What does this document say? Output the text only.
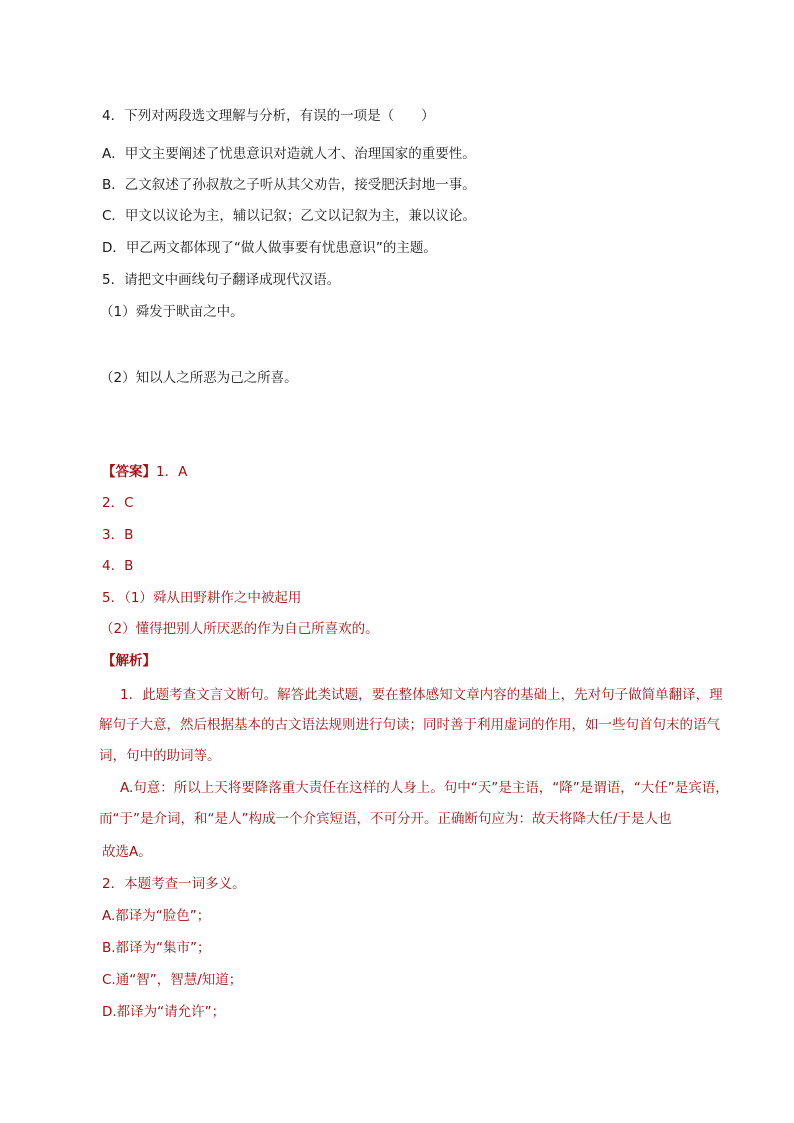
4．下列对两段选文理解与分析，有误的一项是（　　）
A．甲文主要阐述了忧患意识对造就人才、治理国家的重要性。
B．乙文叙述了孙叔敖之子听从其父劝告，接受肥沃封地一事。
C．甲文以议论为主，辅以记叙；乙文以记叙为主，兼以议论。
D．甲乙两文都体现了“做人做事要有忧患意识”的主题。
5．请把文中画线句子翻译成现代汉语。
（1）舜发于畎亩之中。
（2）知以人之所恶为己之所喜。
【答案】1．A
2．C
3．B
4．B
5．（1）舜从田野耕作之中被起用
（2）懂得把别人所厌恶的作为自己所喜欢的。
【解析】
1．此题考查文言文断句。解答此类试题，要在整体感知文章内容的基础上，先对句子做简单翻译，理
解句子大意，然后根据基本的古文语法规则进行句读；同时善于利用虚词的作用，如一些句首句末的语气
词，句中的助词等。
A.句意：所以上天将要降落重大责任在这样的人身上。句中“天”是主语，“降”是谓语，“大任”是宾语，
而“于”是介词，和“是人”构成一个介宾短语，不可分开。正确断句应为：故天将降大任/于是人也
故选A。
2．本题考查一词多义。
A.都译为“脸色”；
B.都译为“集市”；
C.通“智”，智慧/知道；
D.都译为“请允许”；
